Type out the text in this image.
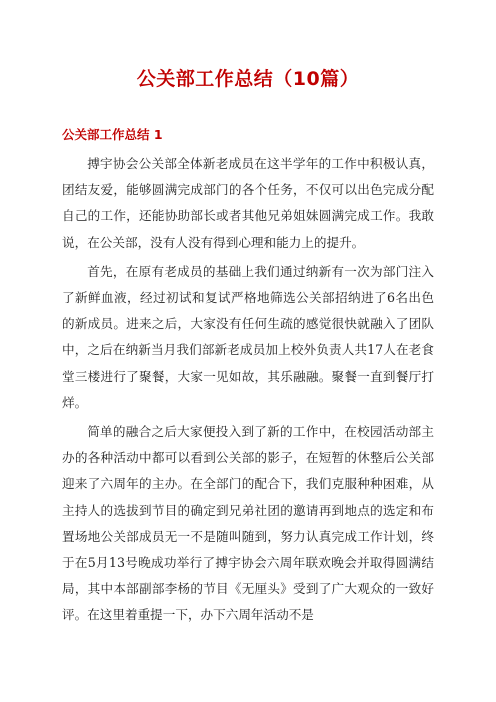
公关部工作总结（10篇）
公关部工作总结 1

搏宇协会公关部全体新老成员在这半学年的工作中积极认真，团结友爱，能够圆满完成部门的各个任务，不仅可以出色完成分配自己的工作，还能协助部长或者其他兄弟姐妹圆满完成工作。我敢说，在公关部，没有人没有得到心理和能力上的提升。

首先，在原有老成员的基础上我们通过纳新有一次为部门注入了新鲜血液，经过初试和复试严格地筛选公关部招纳进了6名出色的新成员。进来之后，大家没有任何生疏的感觉很快就融入了团队中，之后在纳新当月我们部新老成员加上校外负责人共17人在老食堂三楼进行了聚餐，大家一见如故，其乐融融。聚餐一直到餐厅打烊。

简单的融合之后大家便投入到了新的工作中，在校园活动部主办的各种活动中都可以看到公关部的影子，在短暂的休整后公关部迎来了六周年的主办。在全部门的配合下，我们克服种种困难，从主持人的选拔到节目的确定到兄弟社团的邀请再到地点的选定和布置场地公关部成员无一不是随叫随到，努力认真完成工作计划，终于在5月13号晚成功举行了搏宇协会六周年联欢晚会并取得圆满结局，其中本部副部李杨的节目《无厘头》受到了广大观众的一致好评。在这里着重提一下，办下六周年活动不是
